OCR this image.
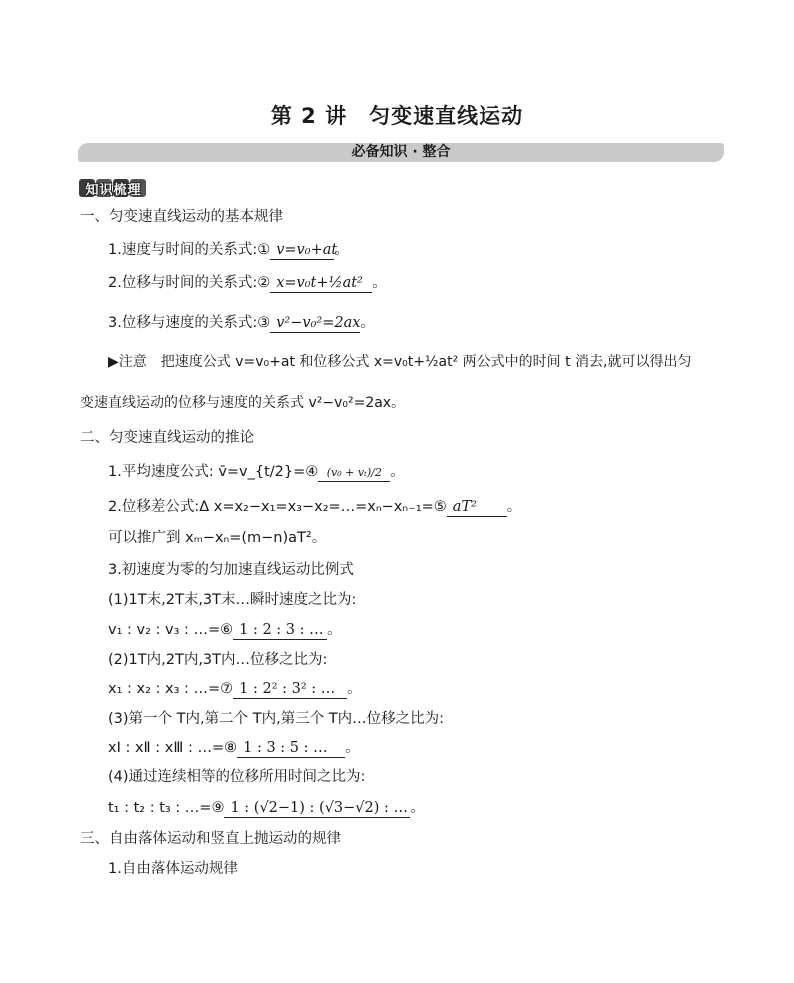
第 2 讲　匀变速直线运动
必备知识 · 整合
知识梳理
一、匀变速直线运动的基本规律
1.速度与时间的关系式:① v=v₀+at。
2.位移与时间的关系式:② x=v₀t+½at² 。
3.位移与速度的关系式:③ v²−v₀²=2ax。
▶注意　把速度公式 v=v₀+at 和位移公式 x=v₀t+½at² 两公式中的时间 t 消去,就可以得出匀
变速直线运动的位移与速度的关系式 v²−v₀²=2ax。
二、匀变速直线运动的推论
1.平均速度公式: v̄=v_{t/2}=④ (v₀ + vₜ)/2 。
2.位移差公式:Δ x=x₂−x₁=x₃−x₂=…=xₙ−xₙ₋₁=⑤ aT² 。
可以推广到 xₘ−xₙ=(m−n)aT²。
3.初速度为零的匀加速直线运动比例式
(1)1T末,2T末,3T末…瞬时速度之比为:
v₁ : v₂ : v₃ : …=⑥ 1 : 2 : 3 : … 。
(2)1T内,2T内,3T内…位移之比为:
x₁ : x₂ : x₃ : …=⑦ 1 : 2² : 3² : … 。
(3)第一个 T内,第二个 T内,第三个 T内…位移之比为:
xⅠ : xⅡ : xⅢ : …=⑧ 1 : 3 : 5 : … 。
(4)通过连续相等的位移所用时间之比为:
t₁ : t₂ : t₃ : …=⑨ 1 : (√2−1) : (√3−√2) : … 。
三、自由落体运动和竖直上抛运动的规律
1.自由落体运动规律
